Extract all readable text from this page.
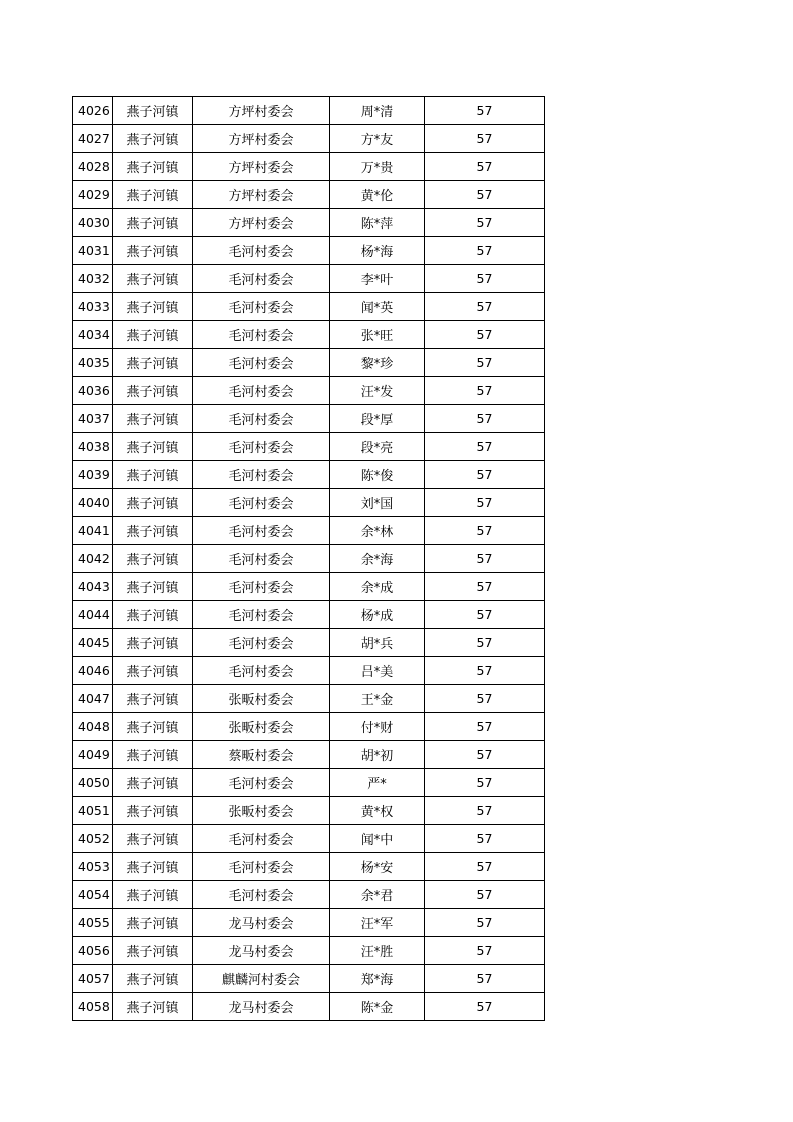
4026	燕子河镇	方坪村委会	周*清	57
4027	燕子河镇	方坪村委会	方*友	57
4028	燕子河镇	方坪村委会	万*贵	57
4029	燕子河镇	方坪村委会	黄*伦	57
4030	燕子河镇	方坪村委会	陈*萍	57
4031	燕子河镇	毛河村委会	杨*海	57
4032	燕子河镇	毛河村委会	李*叶	57
4033	燕子河镇	毛河村委会	闻*英	57
4034	燕子河镇	毛河村委会	张*旺	57
4035	燕子河镇	毛河村委会	黎*珍	57
4036	燕子河镇	毛河村委会	汪*发	57
4037	燕子河镇	毛河村委会	段*厚	57
4038	燕子河镇	毛河村委会	段*亮	57
4039	燕子河镇	毛河村委会	陈*俊	57
4040	燕子河镇	毛河村委会	刘*国	57
4041	燕子河镇	毛河村委会	余*林	57
4042	燕子河镇	毛河村委会	余*海	57
4043	燕子河镇	毛河村委会	余*成	57
4044	燕子河镇	毛河村委会	杨*成	57
4045	燕子河镇	毛河村委会	胡*兵	57
4046	燕子河镇	毛河村委会	吕*美	57
4047	燕子河镇	张畈村委会	王*金	57
4048	燕子河镇	张畈村委会	付*财	57
4049	燕子河镇	蔡畈村委会	胡*初	57
4050	燕子河镇	毛河村委会	严*	57
4051	燕子河镇	张畈村委会	黄*权	57
4052	燕子河镇	毛河村委会	闻*中	57
4053	燕子河镇	毛河村委会	杨*安	57
4054	燕子河镇	毛河村委会	余*君	57
4055	燕子河镇	龙马村委会	汪*军	57
4056	燕子河镇	龙马村委会	汪*胜	57
4057	燕子河镇	麒麟河村委会	郑*海	57
4058	燕子河镇	龙马村委会	陈*金	57
